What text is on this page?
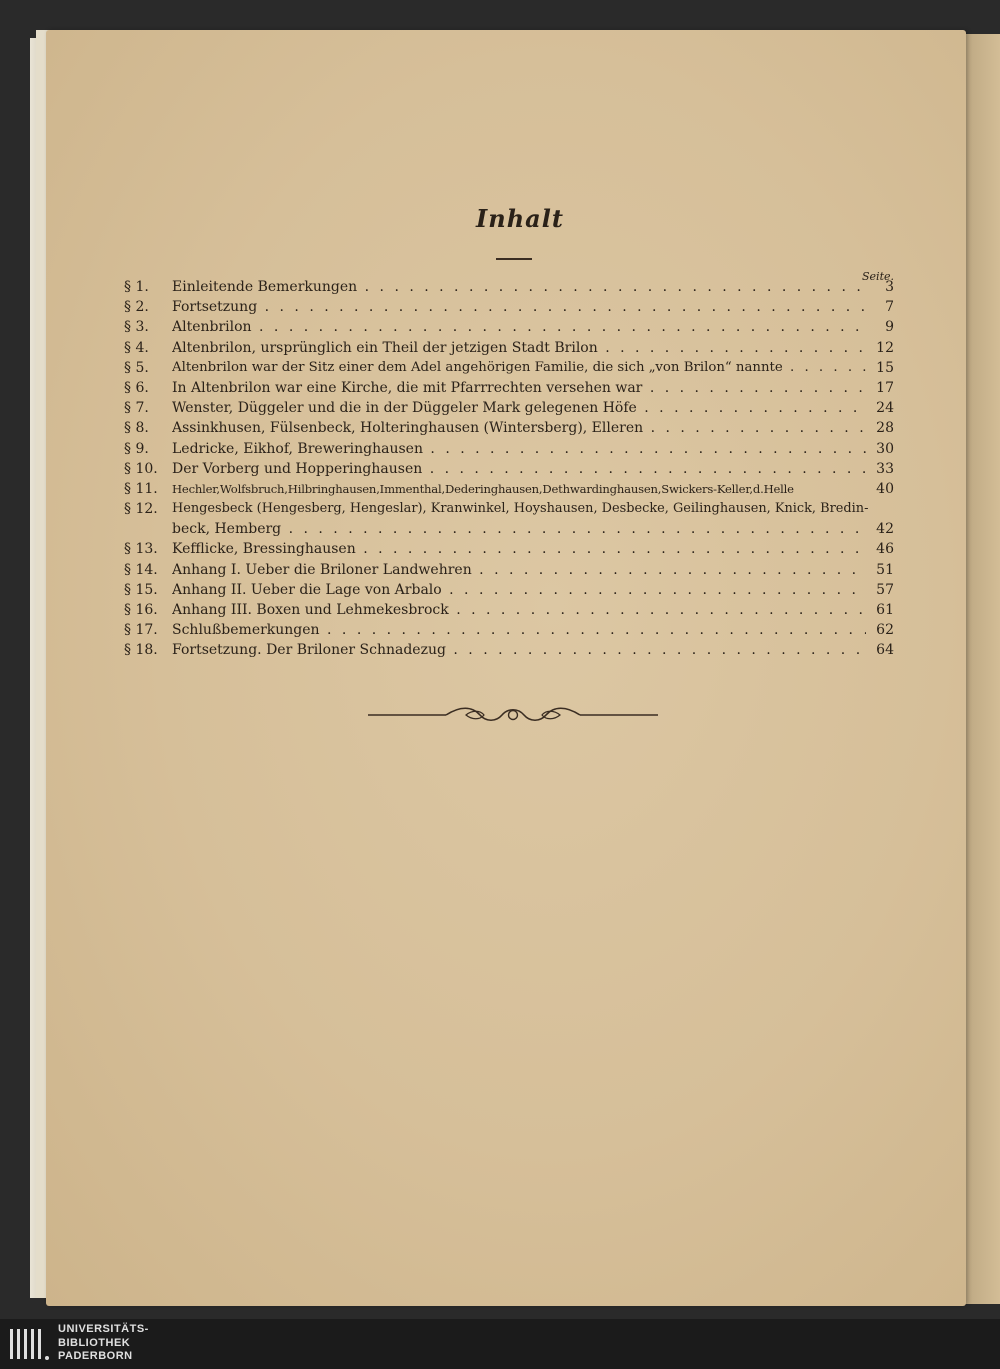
Inhalt
Seite.
§ 1.	Einleitende Bemerkungen . . .	3
§ 2.	Fortsetzung . . .	7
§ 3.	Altenbrilon . . .	9
§ 4.	Altenbrilon, ursprünglich ein Theil der jetzigen Stadt Brilon . . .	12
§ 5.	Altenbrilon war der Sitz einer dem Adel angehörigen Familie, die sich „von Brilon“ nannte . . .	15
§ 6.	In Altenbrilon war eine Kirche, die mit Pfarrrechten versehen war . . .	17
§ 7.	Wenster, Düggeler und die in der Düggeler Mark gelegenen Höfe . . .	24
§ 8.	Assinkhusen, Fülsenbeck, Holteringhausen (Wintersberg), Elleren . . .	28
§ 9.	Ledricke, Eikhof, Breweringhausen . . .	30
§ 10.	Der Vorberg und Hopperinghausen . . .	33
§ 11.	Hechler,Wolfsbruch,Hilbringhausen,Immenthal,Dederinghausen,Dethwardinghausen,Swickers-Keller,d.Helle	40
§ 12.	Hengesbeck (Hengesberg, Hengeslar), Kranwinkel, Hoyshausen, Desbecke, Geilinghausen, Knick, Bredin-
beck, Hemberg . . .	42
§ 13.	Kefflicke, Bressinghausen . . .	46
§ 14.	Anhang I. Ueber die Briloner Landwehren . . .	51
§ 15.	Anhang II. Ueber die Lage von Arbalo . . .	57
§ 16.	Anhang III. Boxen und Lehmekesbrock . . .	61
§ 17.	Schlußbemerkungen . . .	62
§ 18.	Fortsetzung. Der Briloner Schnadezug . . .	64
UNIVERSITÄTS-
BIBLIOTHEK
PADERBORN
